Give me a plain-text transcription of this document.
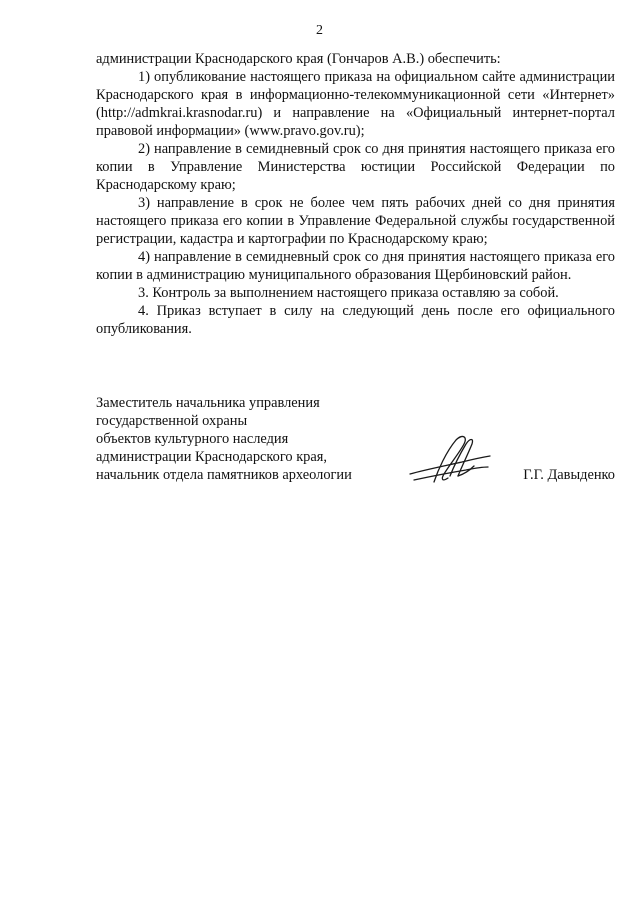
2

администрации Краснодарского края (Гончаров А.В.) обеспечить:

1) опубликование настоящего приказа на официальном сайте администрации Краснодарского края в информационно-телекоммуникационной сети «Интернет» (http://admkrai.krasnodar.ru) и направление на «Официальный интернет-портал правовой информации» (www.pravo.gov.ru);

2) направление в семидневный срок со дня принятия настоящего приказа его копии в Управление Министерства юстиции Российской Федерации по Краснодарскому краю;

3) направление в срок не более чем пять рабочих дней со дня принятия настоящего приказа его копии в Управление Федеральной службы государственной регистрации, кадастра и картографии по Краснодарскому краю;

4) направление в семидневный срок со дня принятия настоящего приказа его копии в администрацию муниципального образования Щербиновский район.

3. Контроль за выполнением настоящего приказа оставляю за собой.

4. Приказ вступает в силу на следующий день после его официального опубликования.

Заместитель начальника управления
государственной охраны
объектов культурного наследия
администрации Краснодарского края,
начальник отдела памятников археологии	Г.Г. Давыденко
